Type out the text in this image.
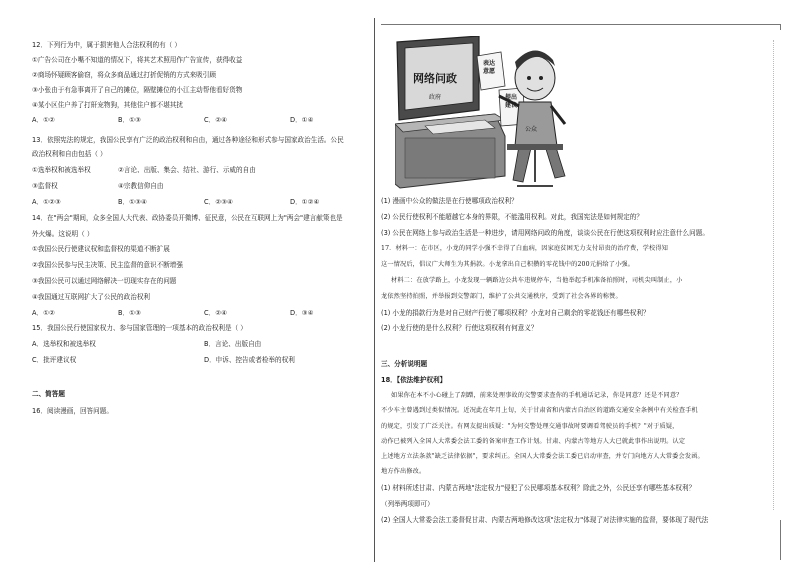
12．下列行为中，属于损害他人合法权利的有（ ）
①广告公司在小嘴不知道的情况下，将其艺术照用作广告宣传，获得收益
②商场怀疑顾客偷窃，将众多商品通过打折促销的方式来吸引顾
③小张由于有急事离开了自己的摊位，隔壁摊位的小江主动帮他看好货物
④某小区住户养了打鼾宠物狗，其他住户都不堪其扰
A．①②	B．①③	C．②④	D．①④
13．依照宪法的规定，我国公民享有广泛的政治权利和自由，通过各种途径和形式参与国家政治生活。公民
政治权利和自由包括（ ）
①选举权和被选举权	②言论、出版、集会、结社、游行、示威的自由
③监督权	④宗教信仰自由
A．①②③	B．①③④	C．②③④	D．①②④
14．在"两会"期间，众多全国人大代表、政协委员开微博、征民意，公民在互联网上为"两会"建言献策也是
外火爆。这说明（ ）
①我国公民行使建议权和监督权的渠道不断扩展
②我国公民参与民主决策、民主监督的意识不断增强
③我国公民可以通过网络解决一切现实存在的问题
④我国通过互联网扩大了公民的政治权利
A．①②	B．①③	C．②④	D．③④
15．我国公民行使国家权力、参与国家管理的一项基本的政治权利是（ ）
A．选举权和被选举权	B．言论、出版自由
C．批评建议权	D．申诉、控告或者检举的权利
二、简答题
16．阅读漫画，回答问题。
网络问政
政府
表达意愿
提出建议
公众
(1) 漫画中公众的做法是在行使哪项政治权利？
(2) 公民行使权利不能超越它本身的界限，不能滥用权利。对此，我国宪法是如何规定的？
(3) 公民在网络上参与政治生活是一种进步，请用网络问政的角度，谈谈公民在行使这项权利时应注意什么问题。
17．材料一：在市区，小龙的同学小强不幸得了白血病，因家庭贫困无力支付昂贵的治疗费，学校得知
这一情况后，倡议广大师生为其捐款。小龙拿出自己积攒的零花钱中的200元捐给了小强。
材料二：在放学路上，小龙发现一辆路边公共车违规停车，当他举起手机准备拍照时，司机尖叫制止，小
龙依然坚持拍照，并举报到交警部门，维护了公共交通秩序，受到了社会各界的称赞。
(1) 小龙的捐款行为是对自己财产行使了哪项权利？小龙对自己剩余的零花钱还有哪些权利？
(2) 小龙行使的是什么权利？行使这项权利有何意义？
三、分析说明题
18．【依法维护权利】
如果你在本不小心碰上了刮蹭，前来处理事故的交警要求查你的手机通话记录，你是同意？还是不同意？
不少车主曾遇到过类似情况。近况此在年月上旬，关于甘肃省和内蒙古自治区的道路交通安全条例中有关检查手机
的规定，引发了广泛关注。有网友提出质疑："为何交警处理交通事故时要调看驾驶员的手机？"对于质疑，
动作已被列入全国人大常委会法工委的备案审查工作计划。甘肃、内蒙古等地方人大已就此事作出说明。认定
上述地方立法条款"缺乏法律依据"，要求纠正。全国人大常委会法工委已启动审查，并专门向地方人大常委会发函。
地方作出修改。
(1) 材料所述甘肃、内蒙古两地"法定权力"侵犯了公民哪项基本权利？除此之外，公民还享有哪些基本权利？
（列举两项即可）
(2) 全国人大常委会法工委督促甘肃、内蒙古两地修改这项"法定权力"体现了对法律实施的监督，要体现了现代法
